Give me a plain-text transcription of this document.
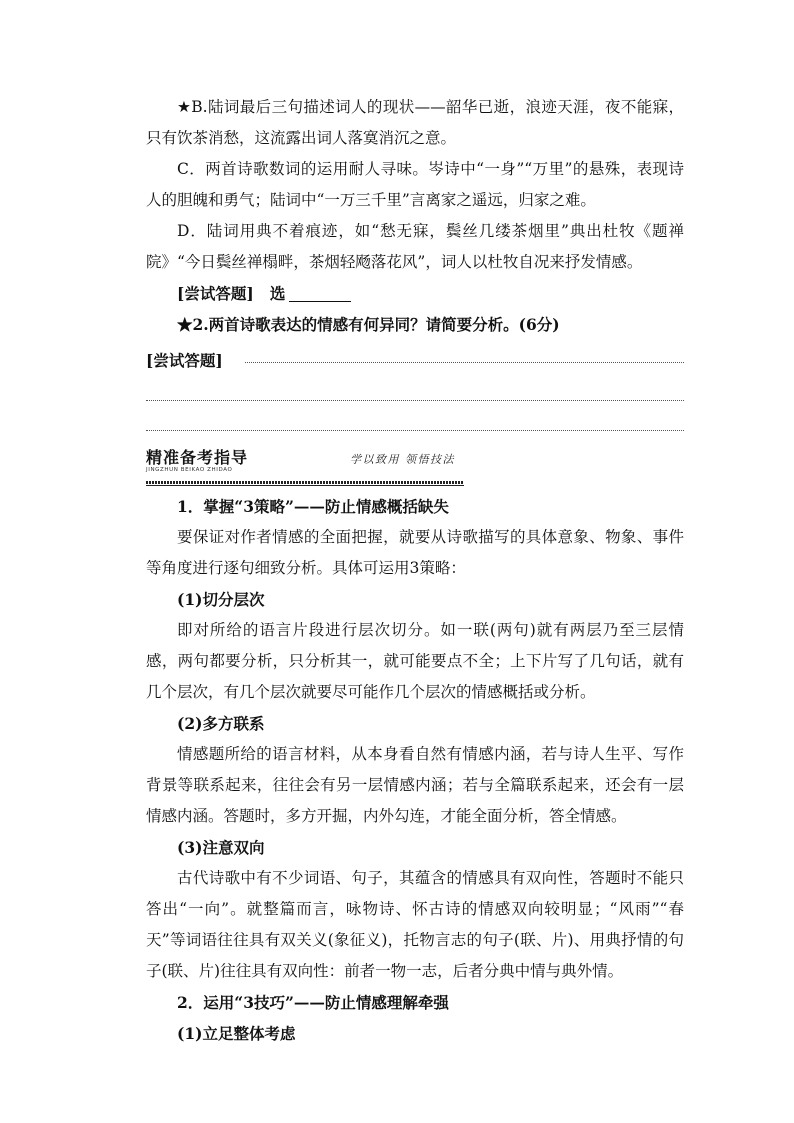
★B.陆词最后三句描述词人的现状——韶华已逝，浪迹天涯，夜不能寐，只有饮茶消愁，这流露出词人落寞消沉之意。

C．两首诗歌数词的运用耐人寻味。岑诗中“一身”“万里”的悬殊，表现诗人的胆魄和勇气；陆词中“一万三千里”言离家之遥远，归家之难。

D．陆词用典不着痕迹，如“愁无寐，鬓丝几缕茶烟里”典出杜牧《题禅院》“今日鬓丝禅榻畔，茶烟轻飏落花风”，词人以杜牧自况来抒发情感。

[尝试答题] 选

★2.两首诗歌表达的情感有何异同？请简要分析。(6分)

[尝试答题]
精准备考指导
JINGZHUN BEIKAO ZHIDAO
学以致用 领悟技法

1．掌握“3策略”——防止情感概括缺失

要保证对作者情感的全面把握，就要从诗歌描写的具体意象、物象、事件等角度进行逐句细致分析。具体可运用3策略：

(1)切分层次

即对所给的语言片段进行层次切分。如一联(两句)就有两层乃至三层情感，两句都要分析，只分析其一，就可能要点不全；上下片写了几句话，就有几个层次，有几个层次就要尽可能作几个层次的情感概括或分析。

(2)多方联系

情感题所给的语言材料，从本身看自然有情感内涵，若与诗人生平、写作背景等联系起来，往往会有另一层情感内涵；若与全篇联系起来，还会有一层情感内涵。答题时，多方开掘，内外勾连，才能全面分析，答全情感。

(3)注意双向

古代诗歌中有不少词语、句子，其蕴含的情感具有双向性，答题时不能只答出“一向”。就整篇而言，咏物诗、怀古诗的情感双向较明显；“风雨”“春天”等词语往往具有双关义(象征义)，托物言志的句子(联、片)、用典抒情的句子(联、片)往往具有双向性：前者一物一志，后者分典中情与典外情。

2．运用“3技巧”——防止情感理解牵强

(1)立足整体考虑
